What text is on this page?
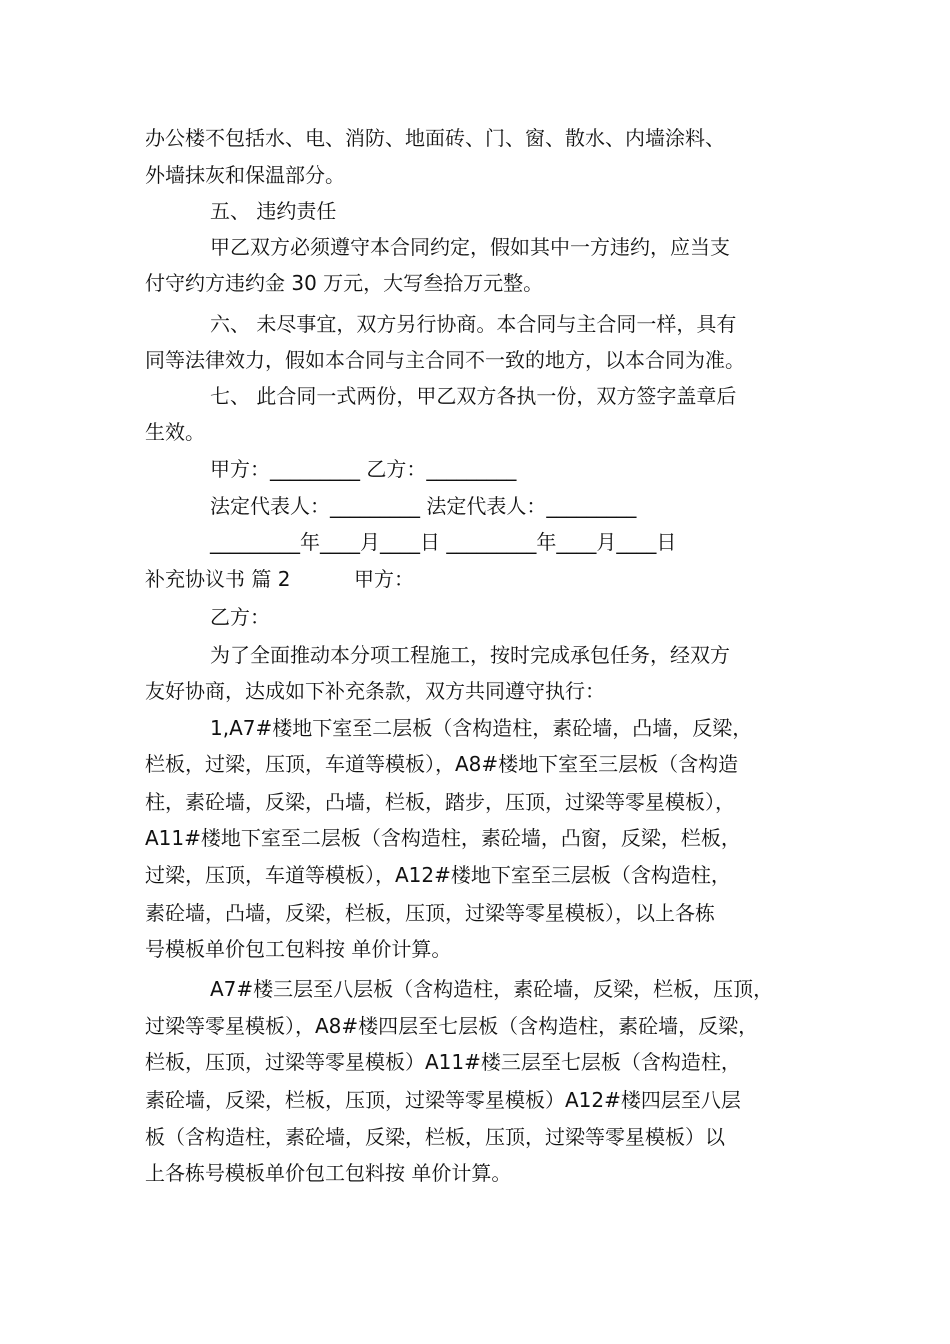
办公楼不包括水、电、消防、地面砖、门、窗、散水、内墙涂料、
外墙抹灰和保温部分。
五、 违约责任
甲乙双方必须遵守本合同约定，假如其中一方违约，应当支
付守约方违约金 30 万元，大写叁拾万元整。
六、 未尽事宜，双方另行协商。本合同与主合同一样，具有
同等法律效力，假如本合同与主合同不一致的地方，以本合同为准。
七、 此合同一式两份，甲乙双方各执一份，双方签字盖章后
生效。
甲方：_________ 乙方：_________
法定代表人：_________ 法定代表人：_________
_________年____月____日 _________年____月____日
补充协议书 篇 2          甲方：
乙方：
为了全面推动本分项工程施工，按时完成承包任务，经双方
友好协商，达成如下补充条款，双方共同遵守执行：
1,A7#楼地下室至二层板（含构造柱，素砼墙，凸墙，反梁，
栏板，过梁，压顶，车道等模板），A8#楼地下室至三层板（含构造
柱，素砼墙，反梁，凸墙，栏板，踏步，压顶，过梁等零星模板），
A11#楼地下室至二层板（含构造柱，素砼墙，凸窗，反梁，栏板，
过梁，压顶，车道等模板），A12#楼地下室至三层板（含构造柱，
素砼墙，凸墙，反梁，栏板，压顶，过梁等零星模板），以上各栋
号模板单价包工包料按 单价计算。
A7#楼三层至八层板（含构造柱，素砼墙，反梁，栏板，压顶，
过梁等零星模板），A8#楼四层至七层板（含构造柱，素砼墙，反梁，
栏板，压顶，过梁等零星模板）A11#楼三层至七层板（含构造柱，
素砼墙，反梁，栏板，压顶，过梁等零星模板）A12#楼四层至八层
板（含构造柱，素砼墙，反梁，栏板，压顶，过梁等零星模板）以
上各栋号模板单价包工包料按 单价计算。
